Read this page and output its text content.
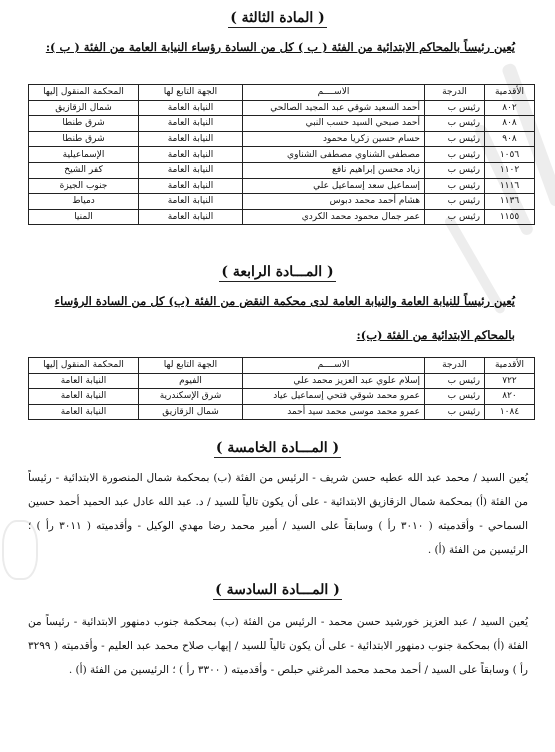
( المادة الثالثة )
يُعين رئيساً بالمحاكم الابتدائية من الفئة ( ب ) كل من السادة رؤساء النيابة العامة من الفئة ( ب ):
الأقدمية	الدرجة	الاســــم	الجهة التابع لها	المحكمة المنقول إليها
٨٠٢	رئيس ب	أحمد السعيد شوقي عبد المجيد الصالحي	النيابة العامة	شمال الزقازيق
٨٠٨	رئيس ب	أحمد صبحي السيد حسب النبي	النيابة العامة	شرق طنطا
٩٠٨	رئيس ب	حسام حسين زكريا محمود	النيابة العامة	شرق طنطا
١٠٥٦	رئيس ب	مصطفى الشناوي مصطفى الشناوي	النيابة العامة	الإسماعيلية
١١٠٢	رئيس ب	زياد محسن إبراهيم نافع	النيابة العامة	كفر الشيخ
١١١٦	رئيس ب	إسماعيل سعد إسماعيل علي	النيابة العامة	جنوب الجيزة
١١٣٦	رئيس ب	هشام أحمد محمد دبوس	النيابة العامة	دمياط
١١٥٥	رئيس ب	عمر جمال محمود محمد الكردي	النيابة العامة	المنيا
( المـــادة الرابعة )
يُعين رئيساً للنيابة العامة والنيابة العامة لدى محكمة النقض من الفئة (ب) كل من السادة الرؤساء
بالمحاكم الابتدائية من الفئة (ب):
الأقدمية	الدرجة	الاســــم	الجهة التابع لها	المحكمة المنقول إليها
٧٢٢	رئيس ب	إسلام علوي عبد العزيز محمد علي	الفيوم	النيابة العامة
٨٢٠	رئيس ب	عمرو محمد شوقي فتحي إسماعيل عياد	شرق الإسكندرية	النيابة العامة
١٠٨٤	رئيس ب	عمرو محمد موسى محمد سيد أحمد	شمال الزقازيق	النيابة العامة
( المـــادة الخامسة )
يُعين السيد / محمد عبد الله عطيه حسن شريف - الرئيس من الفئة (ب) بمحكمة شمال المنصورة الابتدائية - رئيساً من الفئة (أ) بمحكمة شمال الزقازيق الابتدائية - على أن يكون تالياً للسيد / د. عبد الله عادل عبد الحميد أحمد حسين السماحي - وأقدميته ( ٣٠١٠ رأ ) وسابقاً على السيد / أمير محمد رضا مهدي الوكيل - وأقدميته ( ٣٠١١ رأ ) ؛ الرئيسين من الفئة (أ) .
( المـــادة السادسة )
يُعين السيد / عبد العزيز خورشيد حسن محمد - الرئيس من الفئة (ب) بمحكمة جنوب دمنهور الابتدائية - رئيساً من الفئة (أ) بمحكمة جنوب دمنهور الابتدائية - على أن يكون تالياً للسيد / إيهاب صلاح محمد عبد العليم - وأقدميته ( ٣٢٩٩ رأ ) وسابقاً على السيد / أحمد محمد محمد المرغني حبلص - وأقدميته ( ٣٣٠٠ رأ ) ؛ الرئيسين من الفئة (أ) .
